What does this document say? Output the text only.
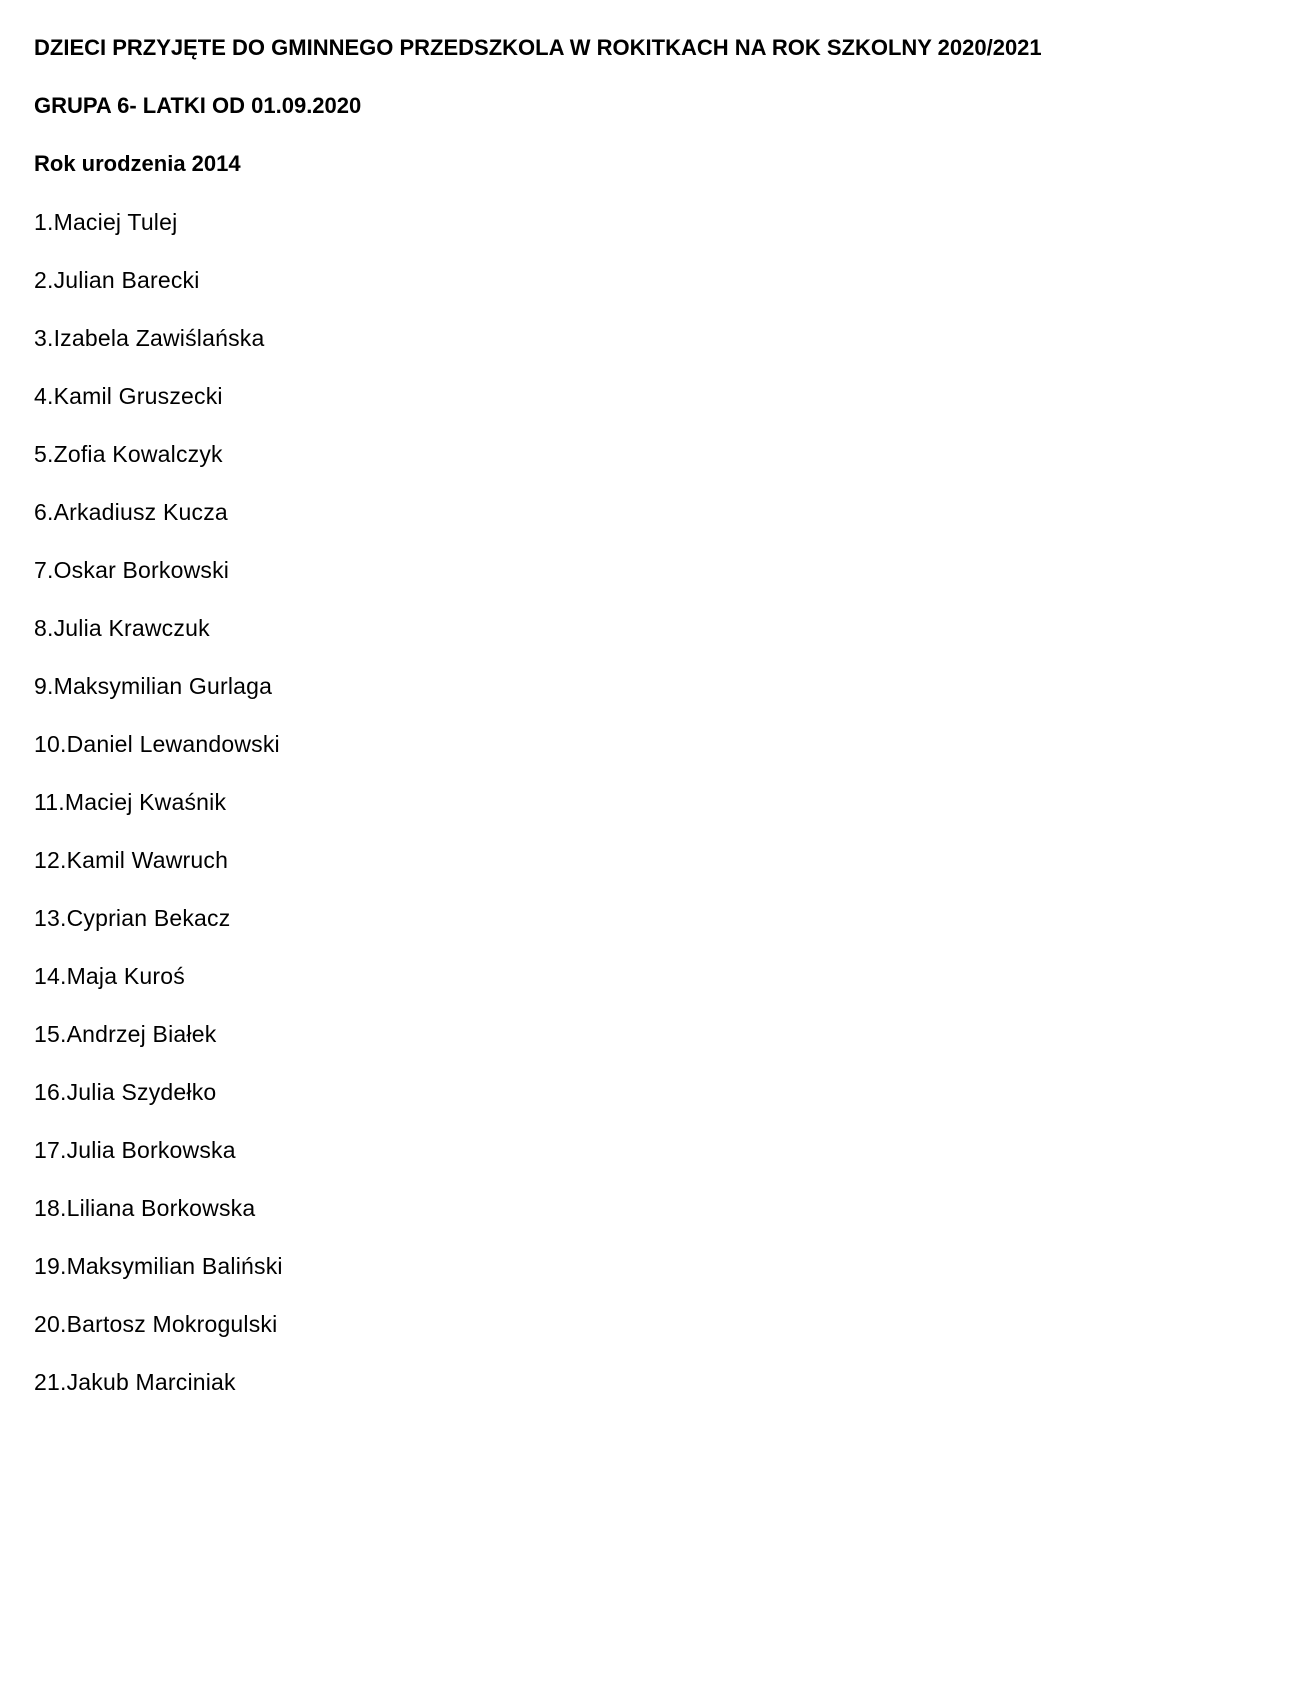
DZIECI PRZYJĘTE DO GMINNEGO PRZEDSZKOLA W ROKITKACH NA ROK SZKOLNY 2020/2021
GRUPA 6- LATKI OD 01.09.2020
Rok urodzenia 2014
1.Maciej Tulej
2.Julian Barecki
3.Izabela Zawiślańska
4.Kamil Gruszecki
5.Zofia Kowalczyk
6.Arkadiusz Kucza
7.Oskar Borkowski
8.Julia Krawczuk
9.Maksymilian Gurlaga
10.Daniel Lewandowski
11.Maciej Kwaśnik
12.Kamil Wawruch
13.Cyprian Bekacz
14.Maja Kuroś
15.Andrzej Białek
16.Julia Szydełko
17.Julia Borkowska
18.Liliana Borkowska
19.Maksymilian Baliński
20.Bartosz Mokrogulski
21.Jakub Marciniak
